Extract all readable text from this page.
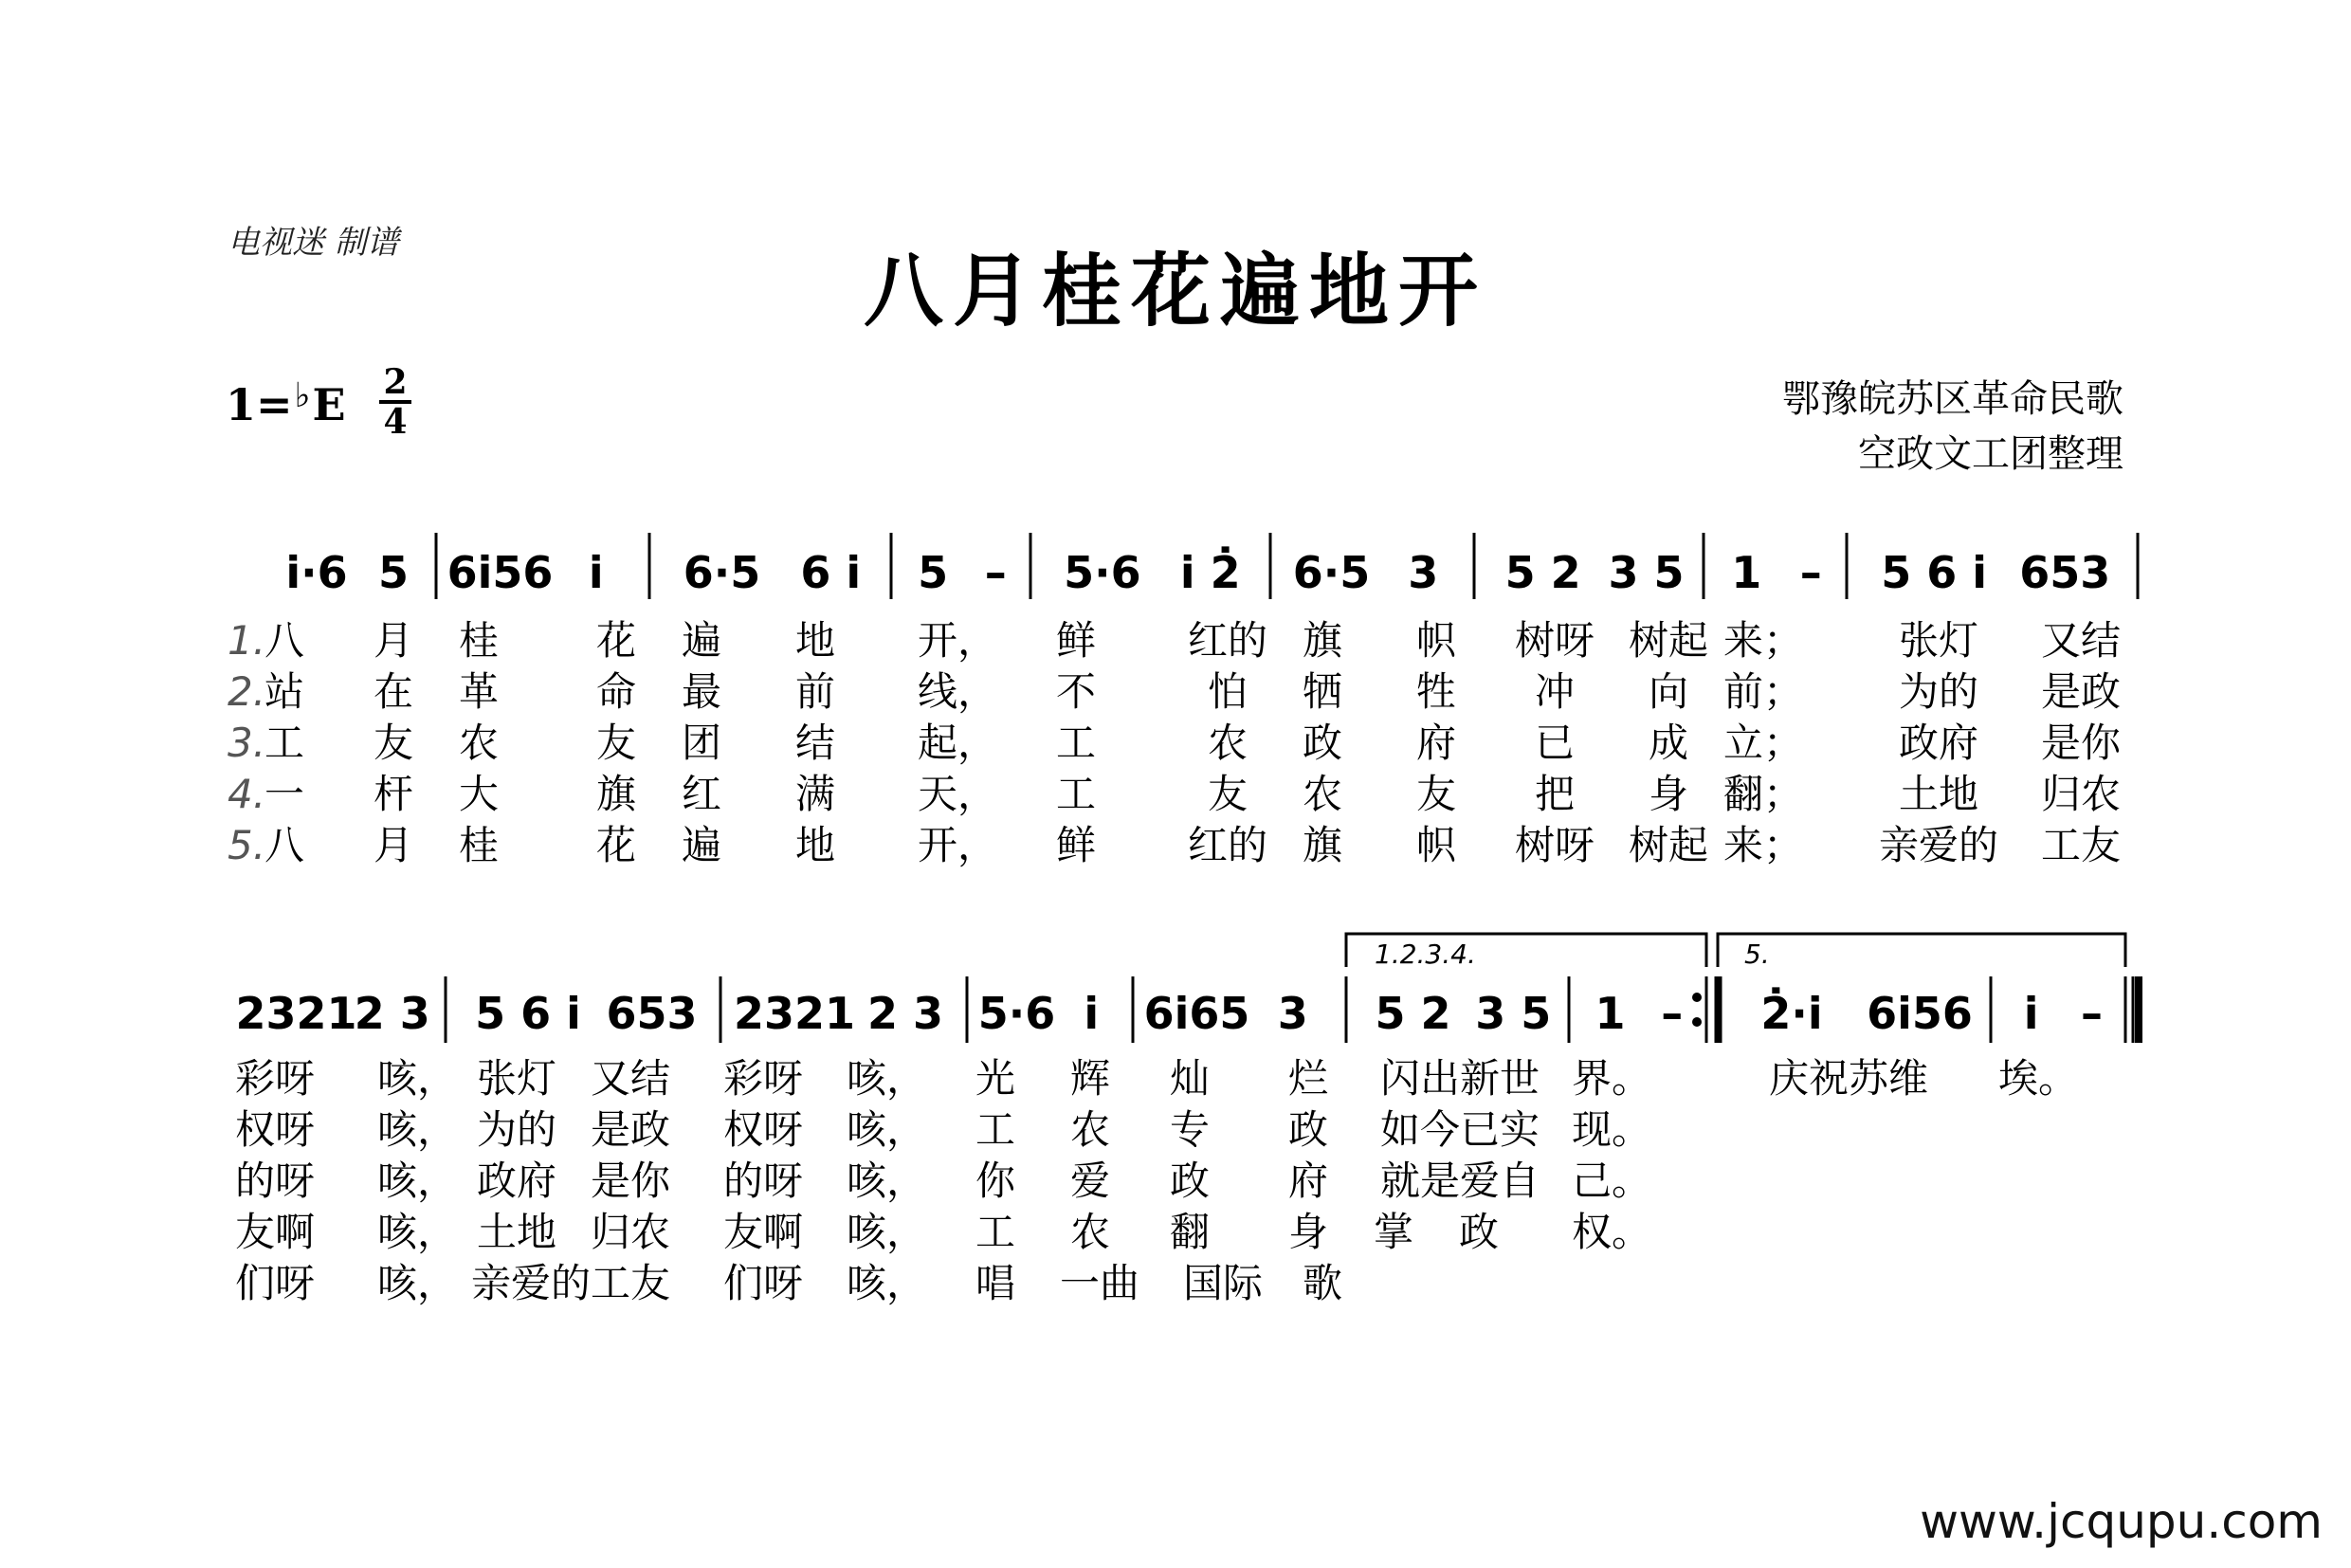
电视迷 制谱
八月桂花遍地开
1=♭E 2
4
鄂豫皖苏区革命民歌
空政文工团整理
i̇·6 5 6i̇56 i̇ 6·5 6 i̇ 5 – 5·6 i̇ 2̇ 6·5 3 5 2 3 5 1 – 5 6 i̇ 653
1.
八 月 桂 花 遍 地 开， 鲜 红的 旗 帜 树呀 树起 来； 张灯 又结
2.
站 在 革 命 最 前 线， 不	怕 牺 牲 冲 向 前； 为的 是政
3.
工 友 农 友 团 结 起， 工	农 政 府 已 成 立； 政府 是你
4.
一 杆 大 旗 红 满 天， 工	友 农 友 把 身 翻； 土地 归农
5.
八 月 桂 花 遍 地 开， 鲜 红的 旗 帜 树呀 树起 来； 亲爱的 工友
1.2.3.4.	5.
2321
2 3 5 6 i̇ 653 2321 2 3 5·6 i̇ 6i̇65 3 5 2 3 5 1 – 2̇·i̇ 6i̇56 i̇ –
彩呀 咳， 张灯 又结 彩呀 咳， 光 辉 灿 烂 闪出新世 界。	庆祝苏维 埃。
权呀 咳， 为的 是政 权呀 咳， 工 农 专 政 如今已实 现。
的呀 咳， 政府 是你 的呀 咳， 你 爱 政 府 就是爱自 己。
友啊 咳， 土地 归农 友啊 咳， 工 农 翻 身 掌 政 权。
们呀 咳， 亲爱的 工友 们呀 咳， 唱 一曲 国际 歌
www.jcqupu.com
